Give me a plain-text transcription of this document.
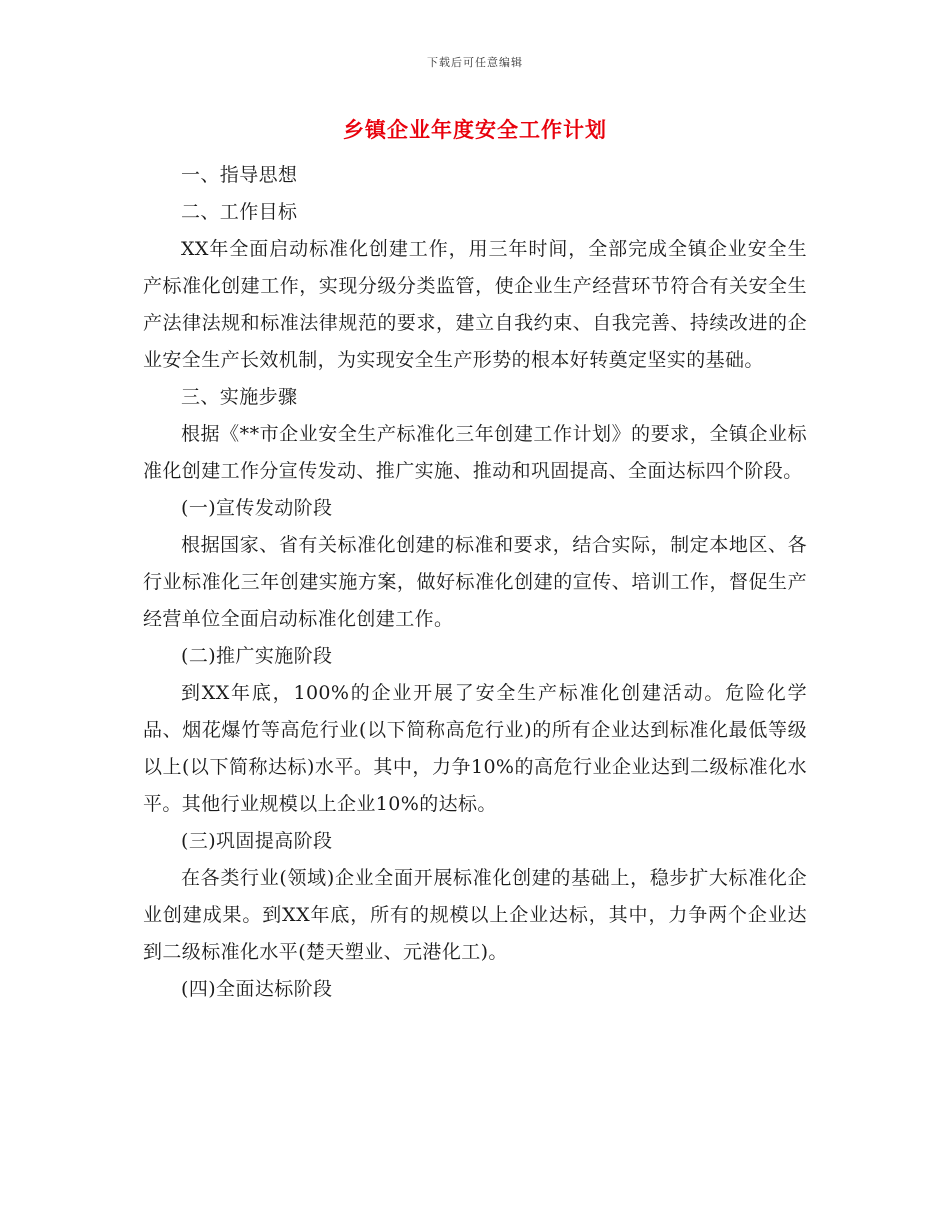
下载后可任意编辑
乡镇企业年度安全工作计划

一、指导思想

二、工作目标

XX年全面启动标准化创建工作，用三年时间，全部完成全镇企业安全生产标准化创建工作，实现分级分类监管，使企业生产经营环节符合有关安全生产法律法规和标准法律规范的要求，建立自我约束、自我完善、持续改进的企业安全生产长效机制，为实现安全生产形势的根本好转奠定坚实的基础。

三、实施步骤

根据《**市企业安全生产标准化三年创建工作计划》的要求，全镇企业标准化创建工作分宣传发动、推广实施、推动和巩固提高、全面达标四个阶段。

(一)宣传发动阶段

根据国家、省有关标准化创建的标准和要求，结合实际，制定本地区、各行业标准化三年创建实施方案，做好标准化创建的宣传、培训工作，督促生产经营单位全面启动标准化创建工作。

(二)推广实施阶段

到XX年底，100%的企业开展了安全生产标准化创建活动。危险化学品、烟花爆竹等高危行业(以下简称高危行业)的所有企业达到标准化最低等级以上(以下简称达标)水平。其中，力争10%的高危行业企业达到二级标准化水平。其他行业规模以上企业10%的达标。

(三)巩固提高阶段

在各类行业(领域)企业全面开展标准化创建的基础上，稳步扩大标准化企业创建成果。到XX年底，所有的规模以上企业达标，其中，力争两个企业达到二级标准化水平(楚天塑业、元港化工)。

(四)全面达标阶段
